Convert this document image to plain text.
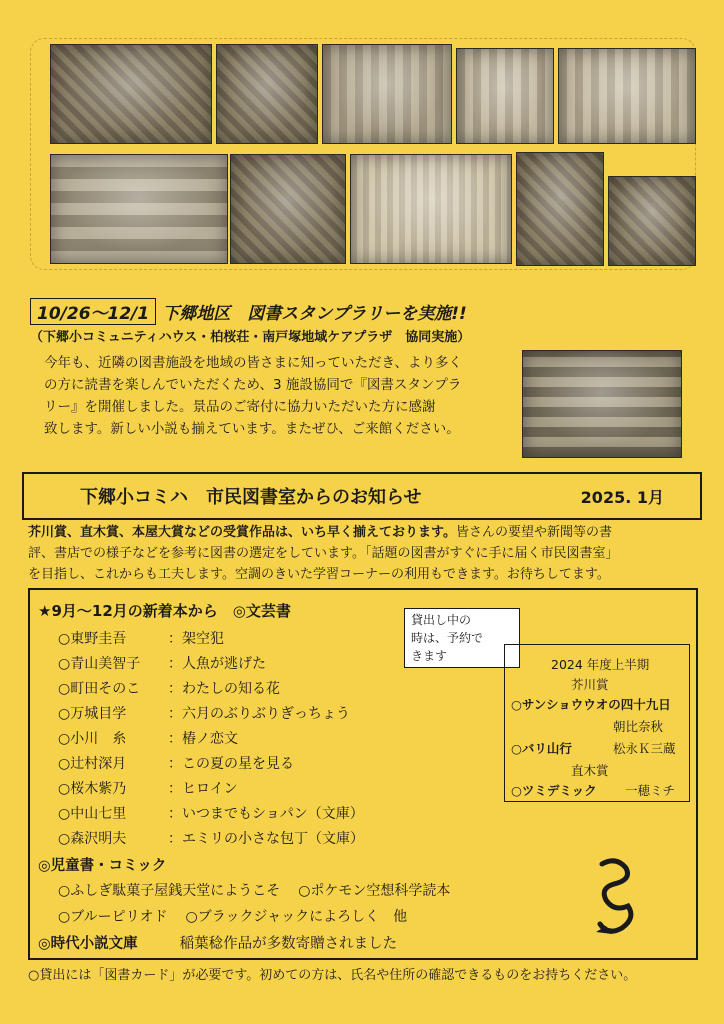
10/26～12/1 下郷地区　図書スタンプラリーを実施!!
（下郷小コミュニティハウス・柏桜荘・南戸塚地域ケアプラザ　協同実施）
今年も、近隣の図書施設を地域の皆さまに知っていただき、より多く
の方に読書を楽しんでいただくため、3 施設協同で『図書スタンプラ
リー』を開催しました。景品のご寄付に協力いただいた方に感謝
致します。新しい小説も揃えています。またぜひ、ご来館ください。
下郷小コミハ　市民図書室からのお知らせ	2025. 1月
芥川賞、直木賞、本屋大賞などの受賞作品は、いち早く揃えております。皆さんの要望や新聞等の書
評、書店での様子などを参考に図書の選定をしています。「話題の図書がすぐに手に届く市民図書室」
を目指し、これからも工夫します。空調のきいた学習コーナーの利用もできます。お待ちしてます。
★9月～12月の新着本から　◎文芸書
○東野圭吾	：架空犯
○青山美智子	：人魚が逃げた
○町田そのこ	：わたしの知る花
○万城目学	：六月のぶりぶりぎっちょう
○小川　糸	：椿ノ恋文
○辻村深月	：この夏の星を見る
○桜木紫乃	：ヒロイン
○中山七里	：いつまでもショパン（文庫）
○森沢明夫	：エミリの小さな包丁（文庫）
◎児童書・コミック
○ふしぎ駄菓子屋銭天堂にようこそ ○ポケモン空想科学読本
○ブルーピリオド ○ブラックジャックによろしく　他
◎時代小説文庫	稲葉稔作品が多数寄贈されました
貸出し中の
時は、予約で
きます
2024 年度上半期
芥川賞
○サンショウウオの四十九日
朝比奈秋
○バリ山行	松永Ｋ三蔵
直木賞
○ツミデミック 一穂ミチ
○貸出には「図書カード」が必要です。初めての方は、氏名や住所の確認できるものをお持ちください。
